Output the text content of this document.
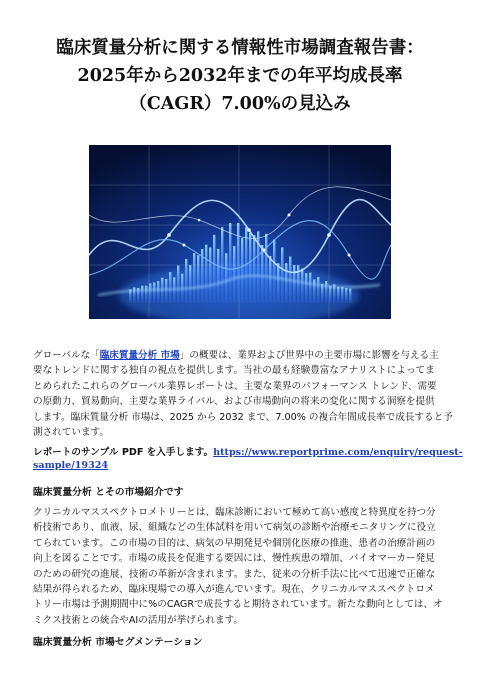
臨床質量分析に関する情報性市場調査報告書：
2025年から2032年までの年平均成長率
（CAGR）7.00%の見込み

グローバルな「臨床質量分析 市場」の概要は、業界および世界中の主要市場に影響を与える主
要なトレンドに関する独自の視点を提供します。当社の最も経験豊富なアナリストによってま
とめられたこれらのグローバル業界レポートは、主要な業界のパフォーマンス トレンド、需要
の原動力、貿易動向、主要な業界ライバル、および市場動向の将来の変化に関する洞察を提供
します。臨床質量分析 市場は、2025 から 2032 まで、7.00% の複合年間成長率で成長すると予
測されています。

レポートのサンプル PDF を入手します。https://www.reportprime.com/enquiry/request-
sample/19324

臨床質量分析 とその市場紹介です

クリニカルマススペクトロメトリーとは、臨床診断において極めて高い感度と特異度を持つ分
析技術であり、血液、尿、組織などの生体試料を用いて病気の診断や治療モニタリングに役立
てられています。この市場の目的は、病気の早期発見や個別化医療の推進、患者の治療計画の
向上を図ることです。市場の成長を促進する要因には、慢性疾患の増加、バイオマーカー発見
のための研究の進展、技術の革新が含まれます。また、従来の分析手法に比べて迅速で正確な
結果が得られるため、臨床現場での導入が進んでいます。現在、クリニカルマススペクトロメ
トリー市場は予測期間中に%のCAGRで成長すると期待されています。新たな動向としては、オ
ミクス技術との統合やAIの活用が挙げられます。

臨床質量分析 市場セグメンテーション
